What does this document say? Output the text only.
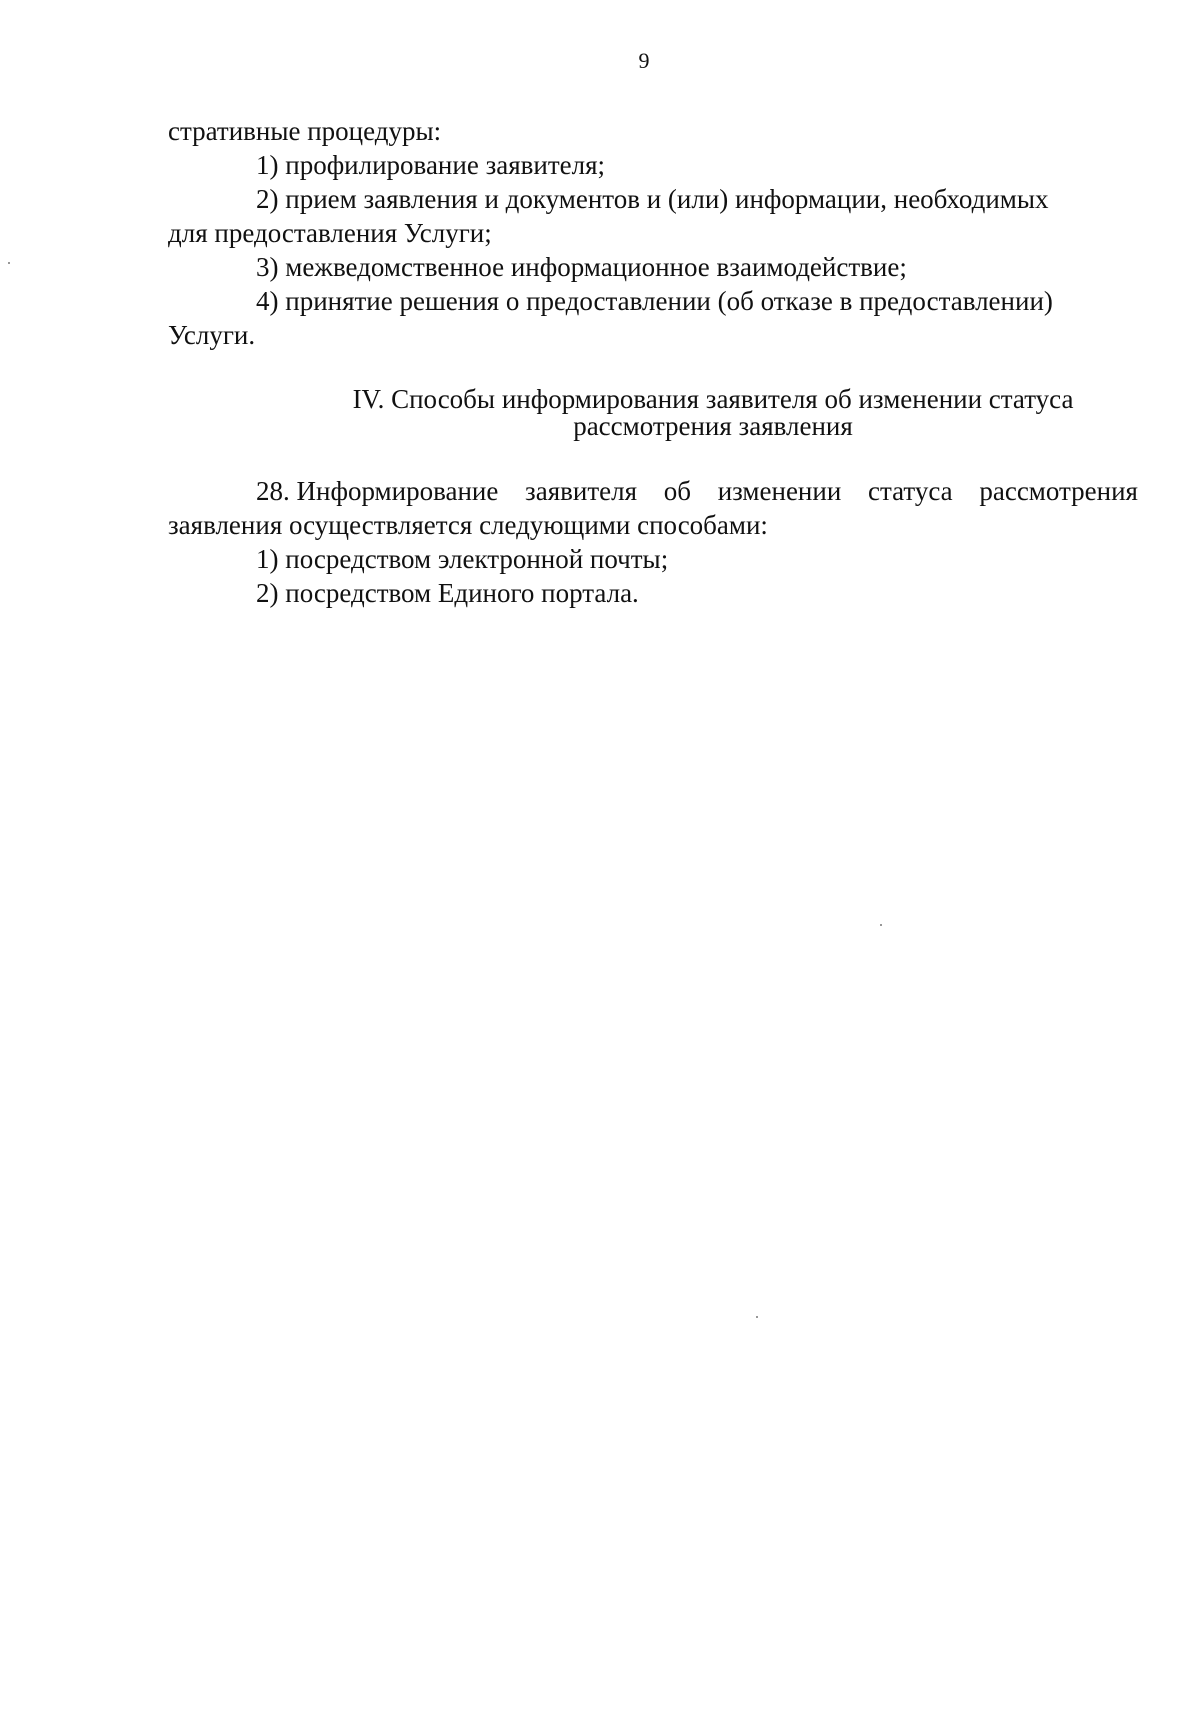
9
стративные процедуры:
1) профилирование заявителя;
2) прием заявления и документов и (или) информации, необходимых
для предоставления Услуги;
3) межведомственное информационное взаимодействие;
4) принятие решения о предоставлении (об отказе в предоставлении)
Услуги.
IV. Способы информирования заявителя об изменении статуса
рассмотрения заявления
28. Информирование заявителя об изменении статуса рассмотрения
заявления осуществляется следующими способами:
1) посредством электронной почты;
2) посредством Единого портала.
